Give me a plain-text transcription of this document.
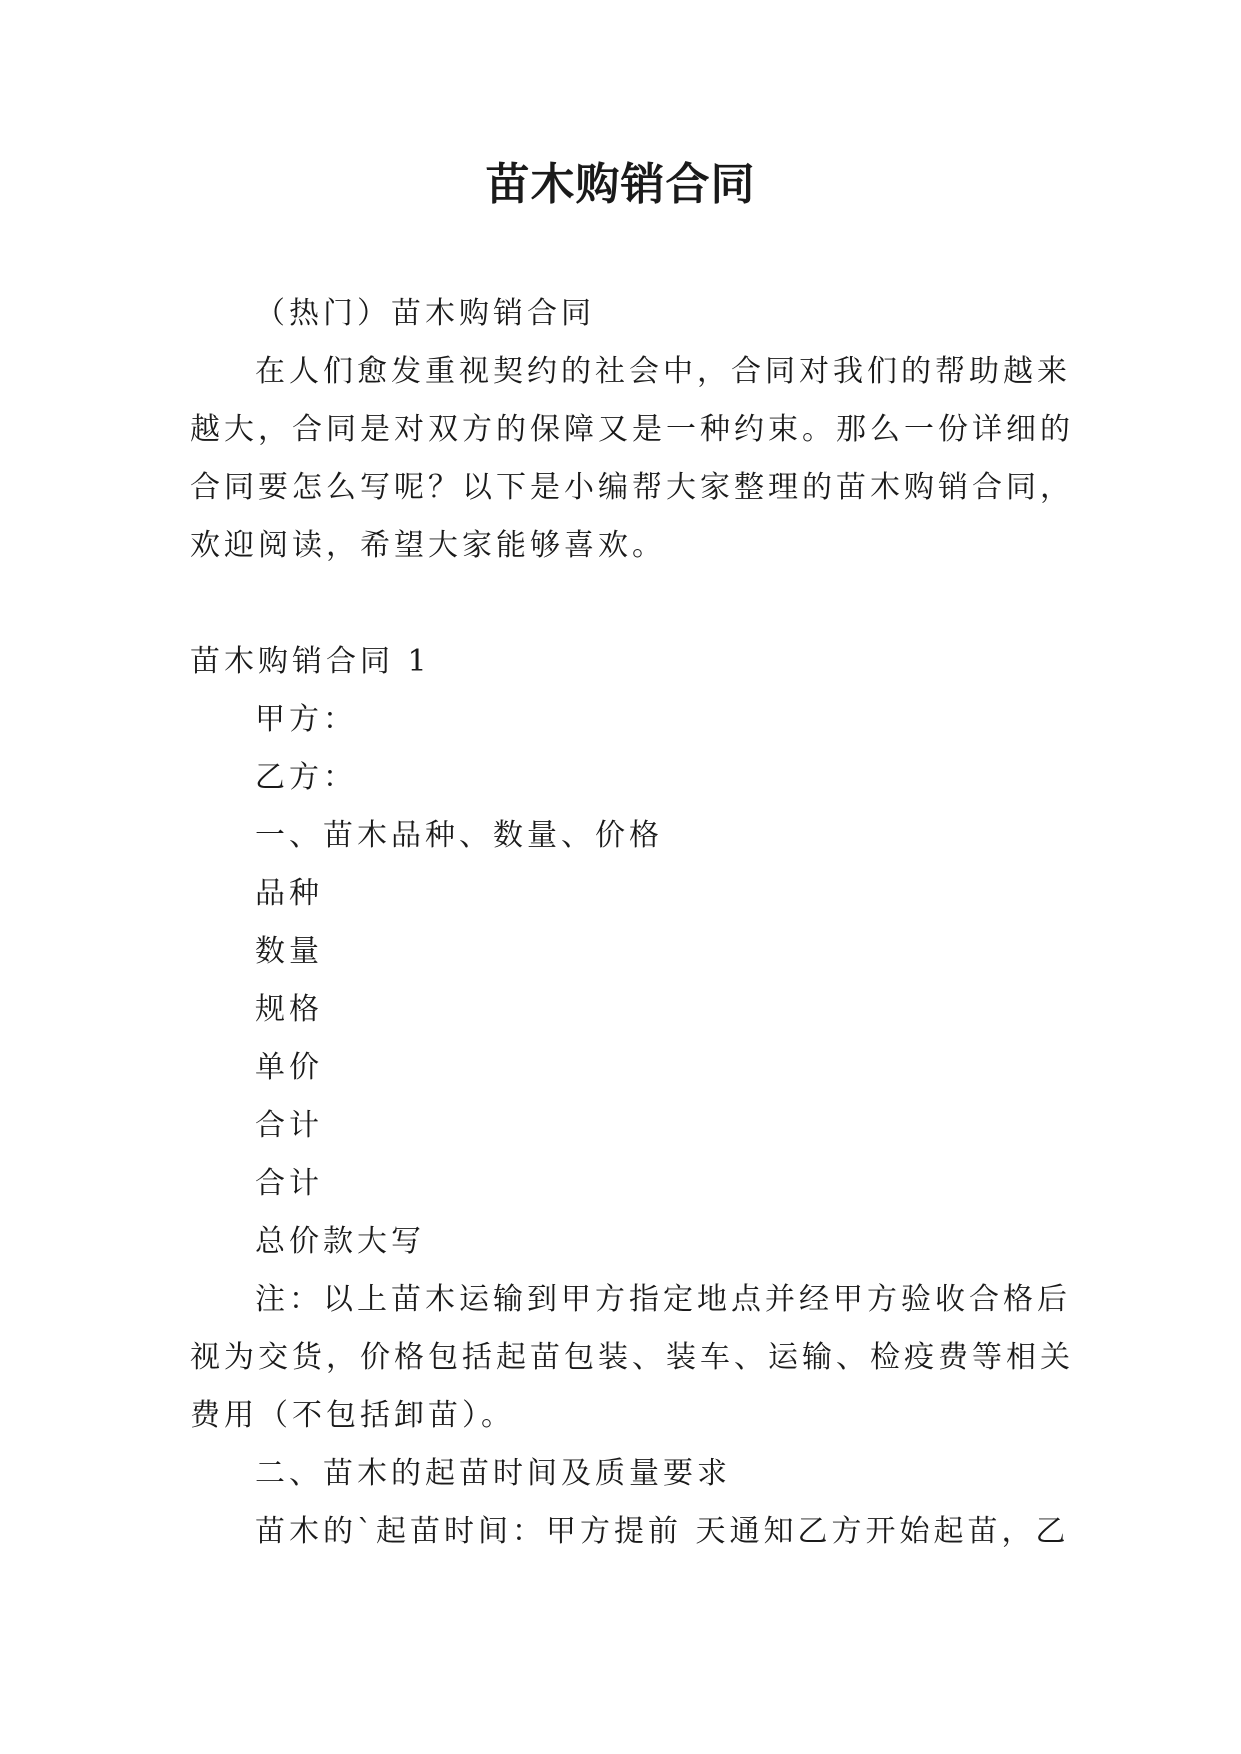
苗木购销合同
（热门）苗木购销合同
在人们愈发重视契约的社会中，合同对我们的帮助越来
越大，合同是对双方的保障又是一种约束。那么一份详细的
合同要怎么写呢？以下是小编帮大家整理的苗木购销合同，
欢迎阅读，希望大家能够喜欢。
苗木购销合同 1
甲方：
乙方：
一、苗木品种、数量、价格
品种
数量
规格
单价
合计
合计
总价款大写
注：以上苗木运输到甲方指定地点并经甲方验收合格后
视为交货，价格包括起苗包装、装车、运输、检疫费等相关
费用（不包括卸苗）。
二、苗木的起苗时间及质量要求
苗木的`起苗时间：甲方提前 天通知乙方开始起苗，乙
